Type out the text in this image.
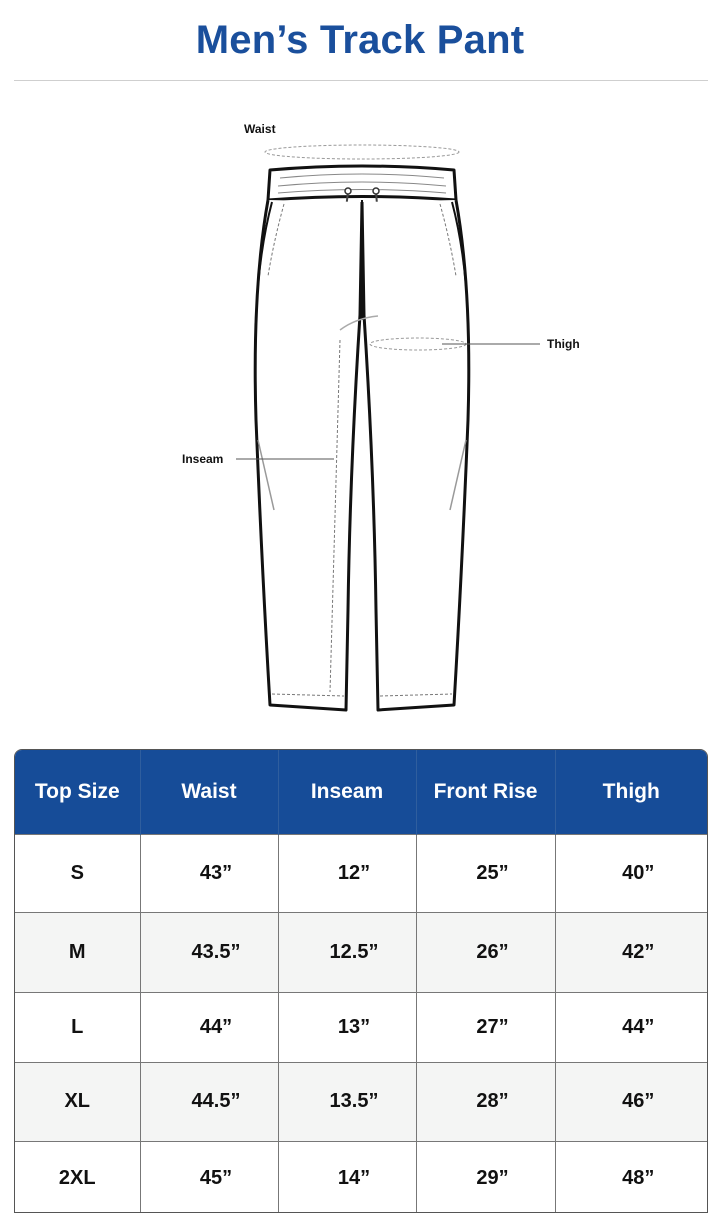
Men’s Track Pant
Waist
Thigh
Inseam
Top Size	Waist	Inseam	Front Rise	Thigh
S	43”	12”	25”	40”
M	43.5”	12.5”	26”	42”
L	44”	13”	27”	44”
XL	44.5”	13.5”	28”	46”
2XL	45”	14”	29”	48”
